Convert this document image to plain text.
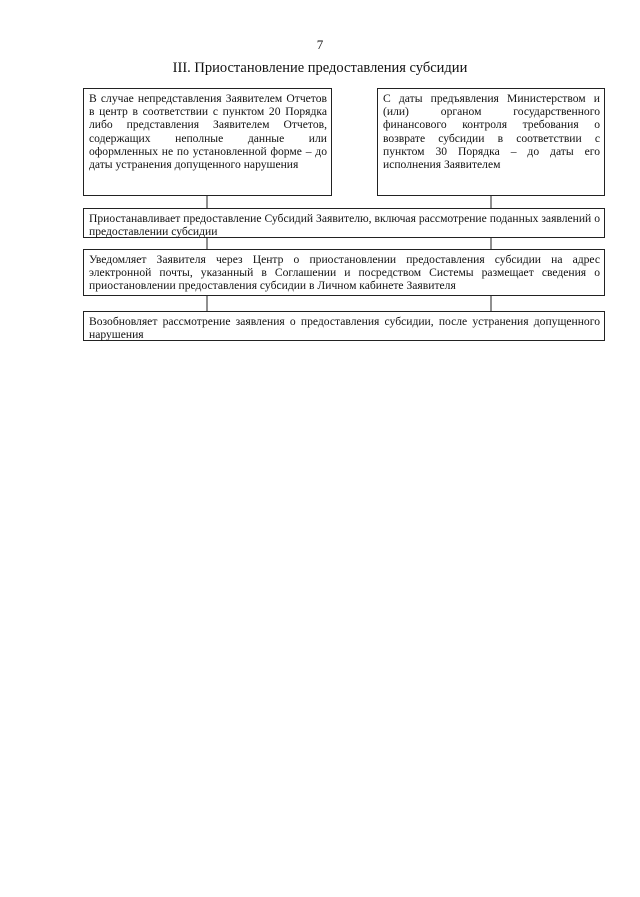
7
III. Приостановление предоставления субсидии
В случае непредставления Заявителем Отчетов в центр в соответствии с пунктом 20 Порядка либо представления Заявителем Отчетов, содержащих неполные данные или оформленных не по установленной форме – до даты устранения допущенного нарушения
С даты предъявления Министерством и (или) органом государственного финансового контроля требования о возврате субсидии в соответствии с пунктом 30 Порядка – до даты его исполнения Заявителем
Приостанавливает предоставление Субсидий Заявителю, включая рассмотрение поданных заявлений о предоставлении субсидии
Уведомляет Заявителя через Центр о приостановлении предоставления субсидии на адрес электронной почты, указанный в Соглашении и посредством Системы размещает сведения о приостановлении предоставления субсидии в Личном кабинете Заявителя
Возобновляет рассмотрение заявления о предоставления субсидии, после устранения допущенного нарушения
